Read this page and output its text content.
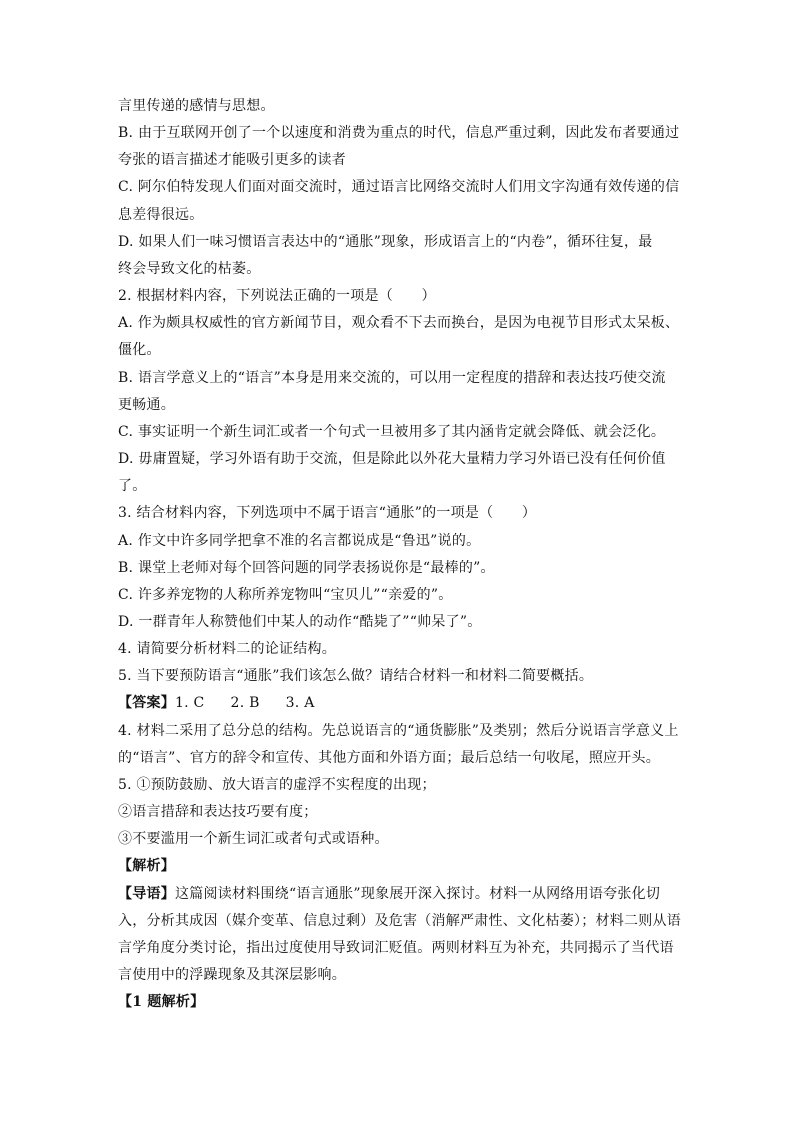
言里传递的感情与思想。
B. 由于互联网开创了一个以速度和消费为重点的时代，信息严重过剩，因此发布者要通过
夸张的语言描述才能吸引更多的读者
C. 阿尔伯特发现人们面对面交流时，通过语言比网络交流时人们用文字沟通有效传递的信
息差得很远。
D. 如果人们一味习惯语言表达中的“通胀”现象，形成语言上的“内卷”，循环往复，最
终会导致文化的枯萎。
2. 根据材料内容，下列说法正确的一项是（　　）
A. 作为颇具权威性的官方新闻节目，观众看不下去而换台，是因为电视节目形式太呆板、
僵化。
B. 语言学意义上的“语言”本身是用来交流的，可以用一定程度的措辞和表达技巧使交流
更畅通。
C. 事实证明一个新生词汇或者一个句式一旦被用多了其内涵肯定就会降低、就会泛化。
D. 毋庸置疑，学习外语有助于交流，但是除此以外花大量精力学习外语已没有任何价值
了。
3. 结合材料内容，下列选项中不属于语言“通胀”的一项是（　　）
A. 作文中许多同学把拿不准的名言都说成是“鲁迅”说的。
B. 课堂上老师对每个回答问题的同学表扬说你是“最棒的”。
C. 许多养宠物的人称所养宠物叫“宝贝儿”“亲爱的”。
D. 一群青年人称赞他们中某人的动作“酷毙了”“帅呆了”。
4. 请简要分析材料二的论证结构。
5. 当下要预防语言“通胀”我们该怎么做？请结合材料一和材料二简要概括。
【答案】1. C 2. B 3. A
4. 材料二采用了总分总的结构。先总说语言的“通货膨胀”及类别；然后分说语言学意义上
的“语言”、官方的辞令和宣传、其他方面和外语方面；最后总结一句收尾，照应开头。
5. ①预防鼓励、放大语言的虚浮不实程度的出现；
②语言措辞和表达技巧要有度；
③不要滥用一个新生词汇或者句式或语种。
【解析】
【导语】这篇阅读材料围绕“语言通胀”现象展开深入探讨。材料一从网络用语夸张化切
入，分析其成因（媒介变革、信息过剩）及危害（消解严肃性、文化枯萎）；材料二则从语
言学角度分类讨论，指出过度使用导致词汇贬值。两则材料互为补充，共同揭示了当代语
言使用中的浮躁现象及其深层影响。
【1 题解析】
